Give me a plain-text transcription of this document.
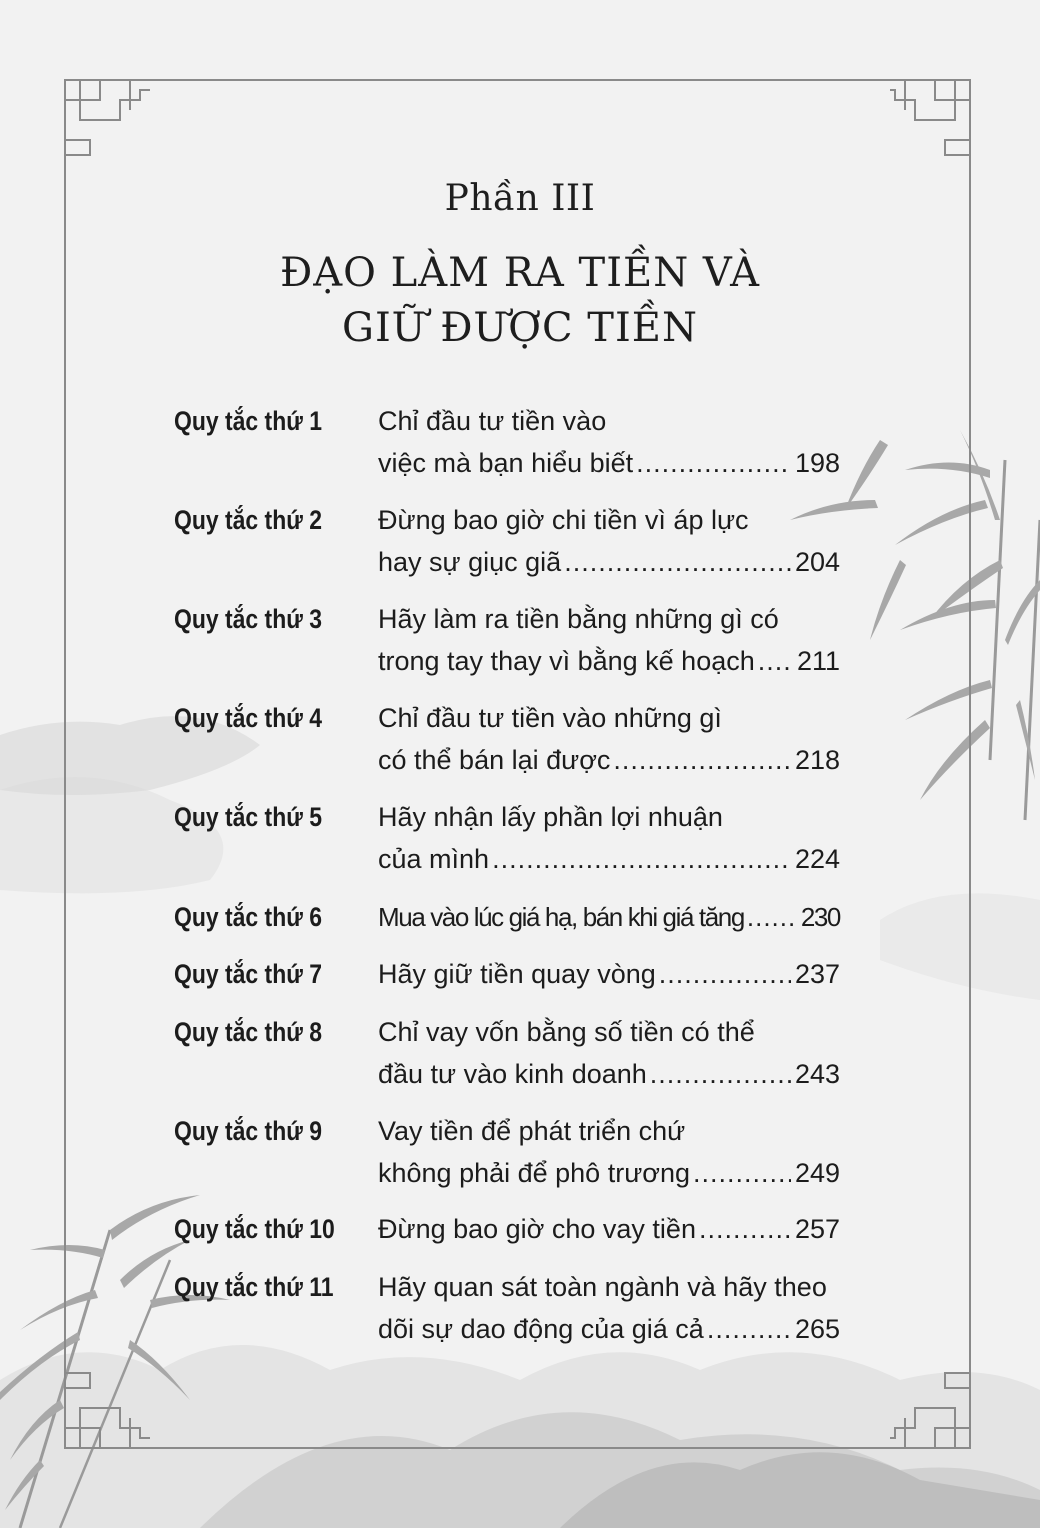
Phần III
ĐẠO LÀM RA TIỀN VÀ
GIỮ ĐƯỢC TIỀN
Quy tắc thứ 1 Chỉ đầu tư tiền vào
việc mà bạn hiểu biết .....	198
Quy tắc thứ 2 Đừng bao giờ chi tiền vì áp lực
hay sự giục giã .....	204
Quy tắc thứ 3 Hãy làm ra tiền bằng những gì có
trong tay thay vì bằng kế hoạch ..... 211
Quy tắc thứ 4 Chỉ đầu tư tiền vào những gì
có thể bán lại được .....	218
Quy tắc thứ 5 Hãy nhận lấy phần lợi nhuận
của mình .....	224
Quy tắc thứ 6 Mua vào lúc giá hạ, bán khi giá tăng ..... 230
Quy tắc thứ 7 Hãy giữ tiền quay vòng .....	237
Quy tắc thứ 8 Chỉ vay vốn bằng số tiền có thể
đầu tư vào kinh doanh .....	243
Quy tắc thứ 9 Vay tiền để phát triển chứ
không phải để phô trương .....	249
Quy tắc thứ 10 Đừng bao giờ cho vay tiền .....	257
Quy tắc thứ 11 Hãy quan sát toàn ngành và hãy theo
dõi sự dao động của giá cả .....	265
